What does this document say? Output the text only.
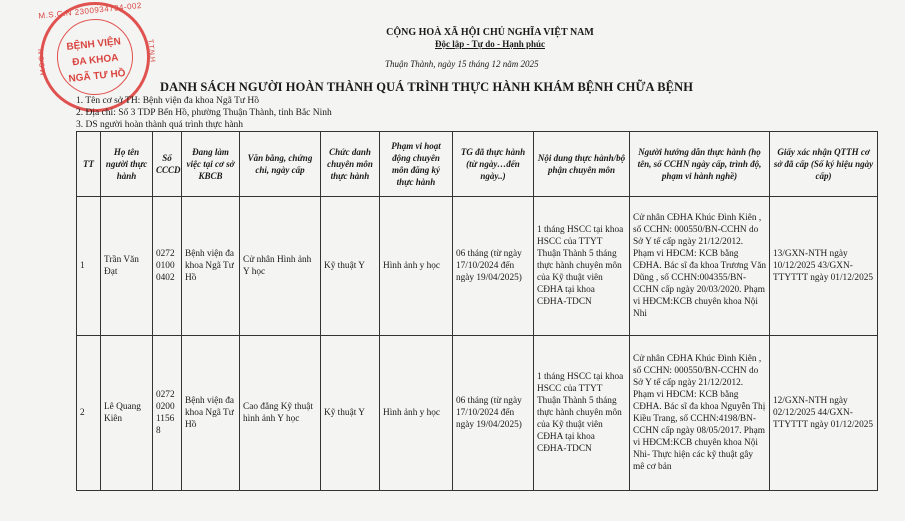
M.S.C.N 2300934734-002
M.S.C.N	T.T.N.H
BỆNH VIỆN
ĐA KHOA
NGÃ TƯ HỒ
CỘNG HOÀ XÃ HỘI CHỦ NGHĨA VIỆT NAM
Độc lập - Tự do - Hạnh phúc
Thuận Thành, ngày 15 tháng 12 năm 2025
DANH SÁCH NGƯỜI HOÀN THÀNH QUÁ TRÌNH THỰC HÀNH KHÁM BỆNH CHỮA BỆNH
1. Tên cơ sở TH: Bệnh viện đa khoa Ngã Tư Hồ
2. Địa chỉ: Số 3 TDP Bến Hồ, phường Thuận Thành, tỉnh Bắc Ninh
3. DS người hoàn thành quá trình thực hành
TT	Họ tên người thực hành	Số CCCD	Đang làm việc tại cơ sở KBCB	Văn bằng, chứng chỉ, ngày cấp	Chức danh chuyên môn thực hành	Phạm vi hoạt động chuyên môn đăng ký thực hành	TG đã thực hành (từ ngày…đến ngày..)	Nội dung thực hành/bộ phận chuyên môn	Người hướng dẫn thực hành (họ tên, số CCHN ngày cấp, trình độ, phạm vi hành nghề)	Giấy xác nhận QTTH cơ sở đã cấp (Số ký hiệu ngày cấp)
1	Trần Văn Đạt	027201000402	Bệnh viện đa khoa Ngã Tư Hồ	Cử nhân Hình ảnh Y học	Kỹ thuật Y	Hình ảnh y học	06 tháng (từ ngày 17/10/2024 đến ngày 19/04/2025)	1 tháng HSCC tại khoa HSCC của TTYT Thuận Thành 5 tháng thực hành chuyên môn của Kỹ thuật viên CĐHA tại khoa CĐHA-TDCN	Cử nhân CĐHA Khúc Đình Kiên , số CCHN: 000550/BN-CCHN do Sở Y tế cấp ngày 21/12/2012. Phạm vi HĐCM: KCB bằng CĐHA. Bác sĩ đa khoa Trương Văn Dũng , số CCHN:004355/BN-CCHN cấp ngày 20/03/2020. Phạm vi HĐCM:KCB chuyên khoa Nội Nhi	13/GXN-NTH ngày 10/12/2025 43/GXN-TTYTTT ngày 01/12/2025
2	Lê Quang Kiên	0272020011568	Bệnh viện đa khoa Ngã Tư Hồ	Cao đẳng Kỹ thuật hình ảnh Y học	Kỹ thuật Y	Hình ảnh y học	06 tháng (từ ngày 17/10/2024 đến ngày 19/04/2025)	1 tháng HSCC tại khoa HSCC của TTYT Thuận Thành 5 tháng thực hành chuyên môn của Kỹ thuật viên CĐHA tại khoa CĐHA-TDCN	Cử nhân CĐHA Khúc Đình Kiên , số CCHN: 000550/BN-CCHN do Sở Y tế cấp ngày 21/12/2012. Phạm vi HĐCM: KCB bằng CĐHA. Bác sĩ đa khoa Nguyễn Thị Kiều Trang, số CCHN:4198/BN-CCHN cấp ngày 08/05/2017. Phạm vi HĐCM:KCB chuyên khoa Nội Nhi- Thực hiện các kỹ thuật gây mê cơ bản	12/GXN-NTH ngày 02/12/2025 44/GXN-TTYTTT ngày 01/12/2025
